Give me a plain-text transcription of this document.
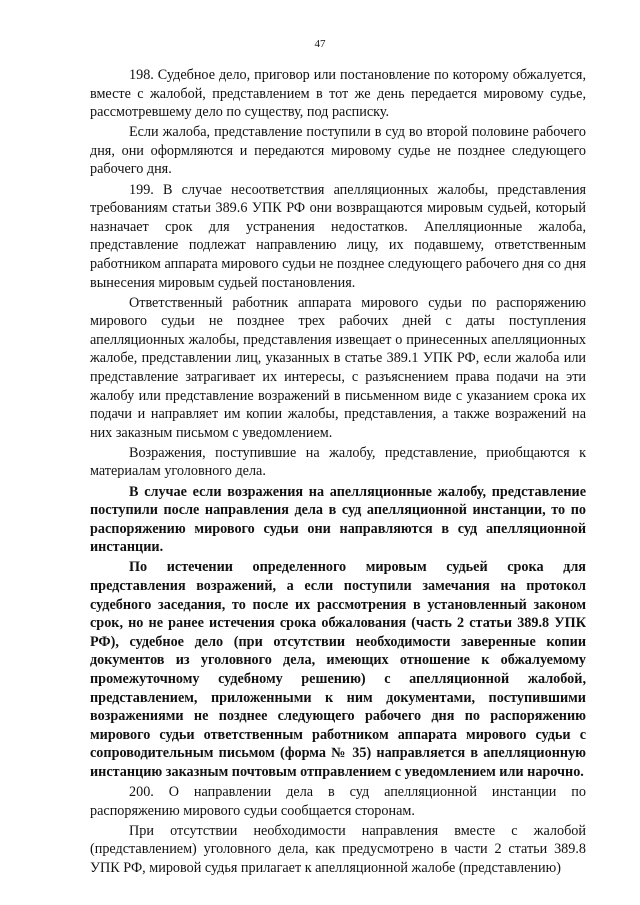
47

198. Судебное дело, приговор или постановление по которому обжалуется, вместе с жалобой, представлением в тот же день передается мировому судье, рассмотревшему дело по существу, под расписку.

Если жалоба, представление поступили в суд во второй половине рабочего дня, они оформляются и передаются мировому судье не позднее следующего рабочего дня.

199. В случае несоответствия апелляционных жалобы, представления требованиям статьи 389.6 УПК РФ они возвращаются мировым судьей, который назначает срок для устранения недостатков. Апелляционные жалоба, представление подлежат направлению лицу, их подавшему, ответственным работником аппарата мирового судьи не позднее следующего рабочего дня со дня вынесения мировым судьей постановления.

Ответственный работник аппарата мирового судьи по распоряжению мирового судьи не позднее трех рабочих дней с даты поступления апелляционных жалобы, представления извещает о принесенных апелляционных жалобе, представлении лиц, указанных в статье 389.1 УПК РФ, если жалоба или представление затрагивает их интересы, с разъяснением права подачи на эти жалобу или представление возражений в письменном виде с указанием срока их подачи и направляет им копии жалобы, представления, а также возражений на них заказным письмом с уведомлением.

Возражения, поступившие на жалобу, представление, приобщаются к материалам уголовного дела.

В случае если возражения на апелляционные жалобу, представление поступили после направления дела в суд апелляционной инстанции, то по распоряжению мирового судьи они направляются в суд апелляционной инстанции.

По истечении определенного мировым судьей срока для представления возражений, а если поступили замечания на протокол судебного заседания, то после их рассмотрения в установленный законом срок, но не ранее истечения срока обжалования (часть 2 статьи 389.8 УПК РФ), судебное дело (при отсутствии необходимости заверенные копии документов из уголовного дела, имеющих отношение к обжалуемому промежуточному судебному решению) с апелляционной жалобой, представлением, приложенными к ним документами, поступившими возражениями не позднее следующего рабочего дня по распоряжению мирового судьи ответственным работником аппарата мирового судьи с сопроводительным письмом (форма № 35) направляется в апелляционную инстанцию заказным почтовым отправлением с уведомлением или нарочно.

200. О направлении дела в суд апелляционной инстанции по распоряжению мирового судьи сообщается сторонам.

При отсутствии необходимости направления вместе с жалобой (представлением) уголовного дела, как предусмотрено в части 2 статьи 389.8 УПК РФ, мировой судья прилагает к апелляционной жалобе (представлению)
